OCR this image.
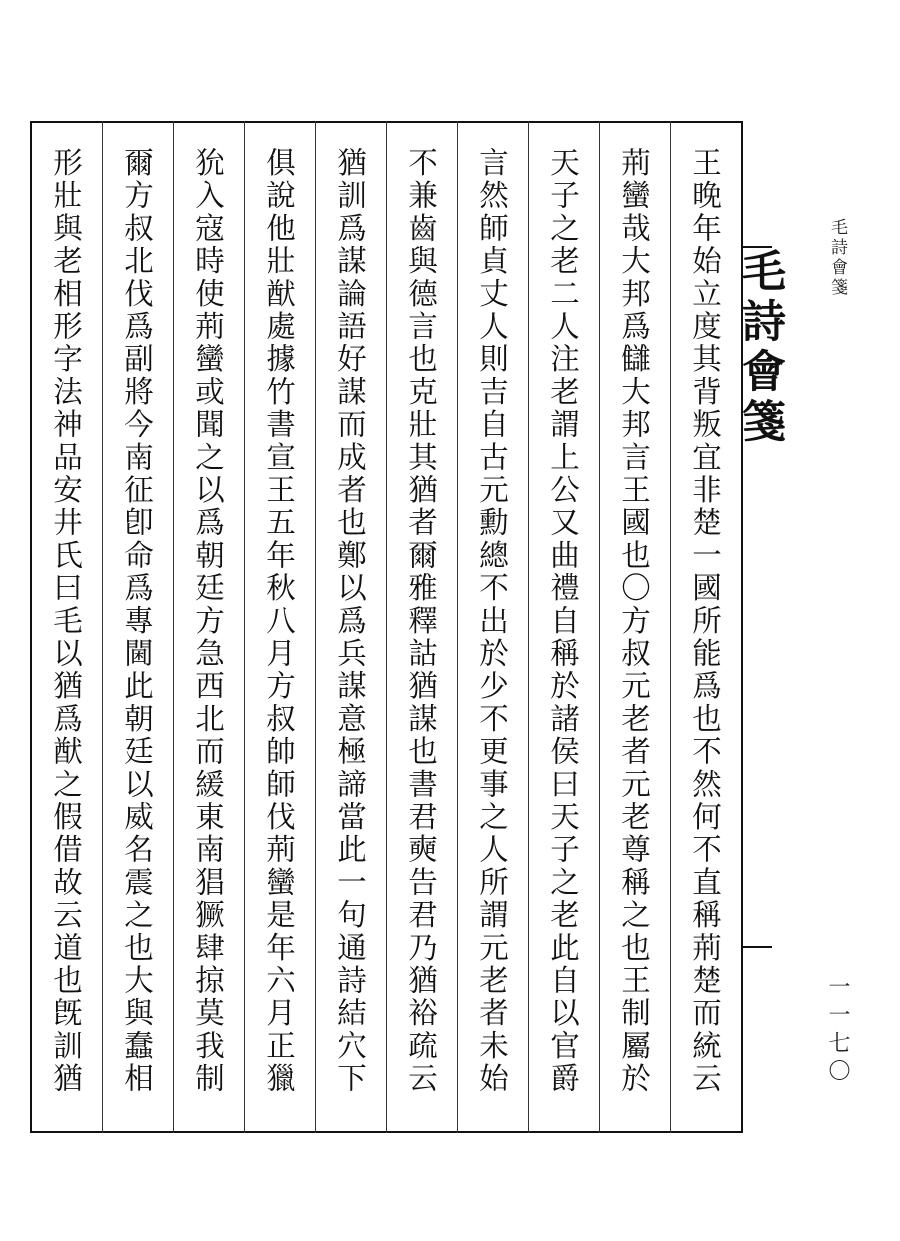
毛詩會箋
一一七〇
毛詩會箋
王晚年始立度其背叛宜非楚一國所能爲也不然何不直稱荊楚而統云
荊蠻哉大邦爲讎大邦言王國也〇方叔元老者元老尊稱之也王制屬於
天子之老二人注老謂上公又曲禮自稱於諸侯曰天子之老此自以官爵
言然師貞丈人則吉自古元勳總不出於少不更事之人所謂元老者未始
不兼齒與德言也克壯其猶者爾雅釋詁猶謀也書君奭告君乃猶裕疏云
猶訓爲謀論語好謀而成者也鄭以爲兵謀意極諦當此一句通詩結穴下
俱說他壯猷處據竹書宣王五年秋八月方叔帥師伐荊蠻是年六月正獵
狁入寇時使荊蠻或聞之以爲朝廷方急西北而緩東南猖獗肆掠莫我制
爾方叔北伐爲副將今南征卽命爲專閫此朝廷以威名震之也大與蠢相
形壯與老相形字法神品安井氏曰毛以猶爲猷之假借故云道也旣訓猶
